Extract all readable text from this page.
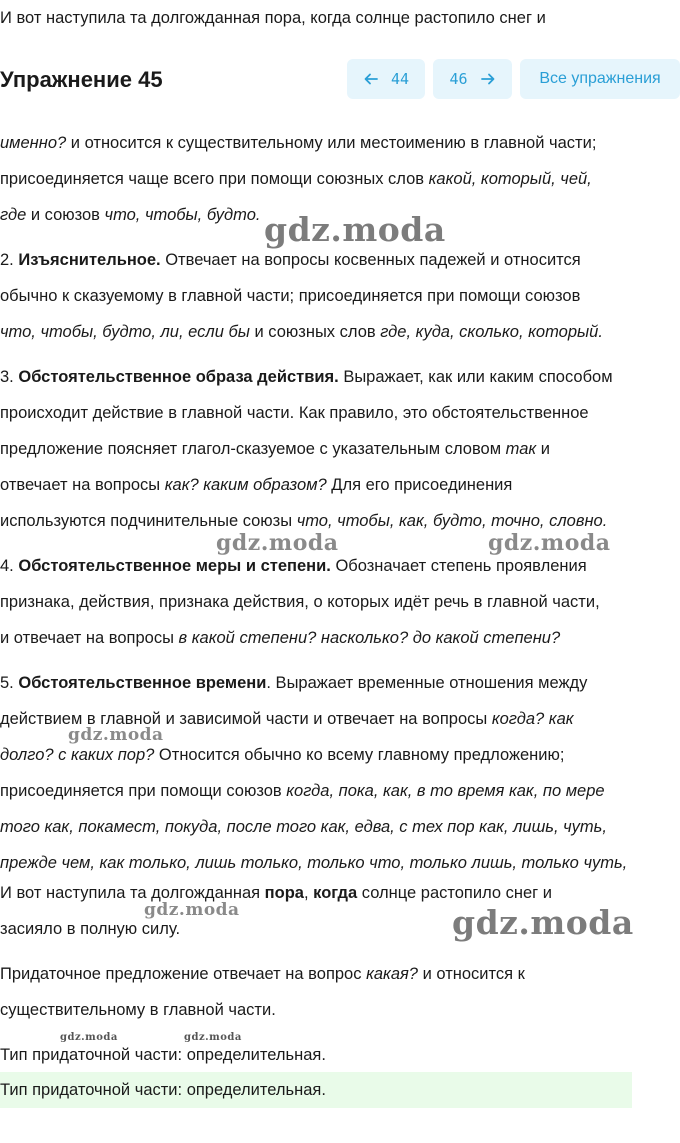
И вот наступила та долгожданная пора, когда солнце растопило снег и
именно? и относится к существительному или местоимению в главной части;
присоединяется чаще всего при помощи союзных слов какой, который, чей,
где и союзов что, чтобы, будто.
2. Изъяснительное. Отвечает на вопросы косвенных падежей и относится
обычно к сказуемому в главной части; присоединяется при помощи союзов
что, чтобы, будто, ли, если бы и союзных слов где, куда, сколько, который.
3. Обстоятельственное образа действия. Выражает, как или каким способом
происходит действие в главной части. Как правило, это обстоятельственное
предложение поясняет глагол-сказуемое с указательным словом так и
отвечает на вопросы как? каким образом? Для его присоединения
используются подчинительные союзы что, чтобы, как, будто, точно, словно.
4. Обстоятельственное меры и степени. Обозначает степень проявления
признака, действия, признака действия, о которых идёт речь в главной части,
и отвечает на вопросы в какой степени? насколько? до какой степени?
5. Обстоятельственное времени. Выражает временные отношения между
действием в главной и зависимой части и отвечает на вопросы когда? как
долго? с каких пор? Относится обычно ко всему главному предложению;
присоединяется при помощи союзов когда, пока, как, в то время как, по мере
того как, покамест, покуда, после того как, едва, с тех пор как, лишь, чуть,
прежде чем, как только, лишь только, только что, только лишь, только чуть,
И вот наступила та долгожданная пора, когда солнце растопило снег и
засияло в полную силу.
Придаточное предложение отвечает на вопрос какая? и относится к
существительному в главной части.
Тип придаточной части: определительная.
Тип придаточной части: определительная.
gdz.moda
gdz.moda	gdz.moda
gdz.moda
gdz.moda	gdz.moda
gdz.moda	gdz.moda
Упражнение 45	44	46	Все упражнения
